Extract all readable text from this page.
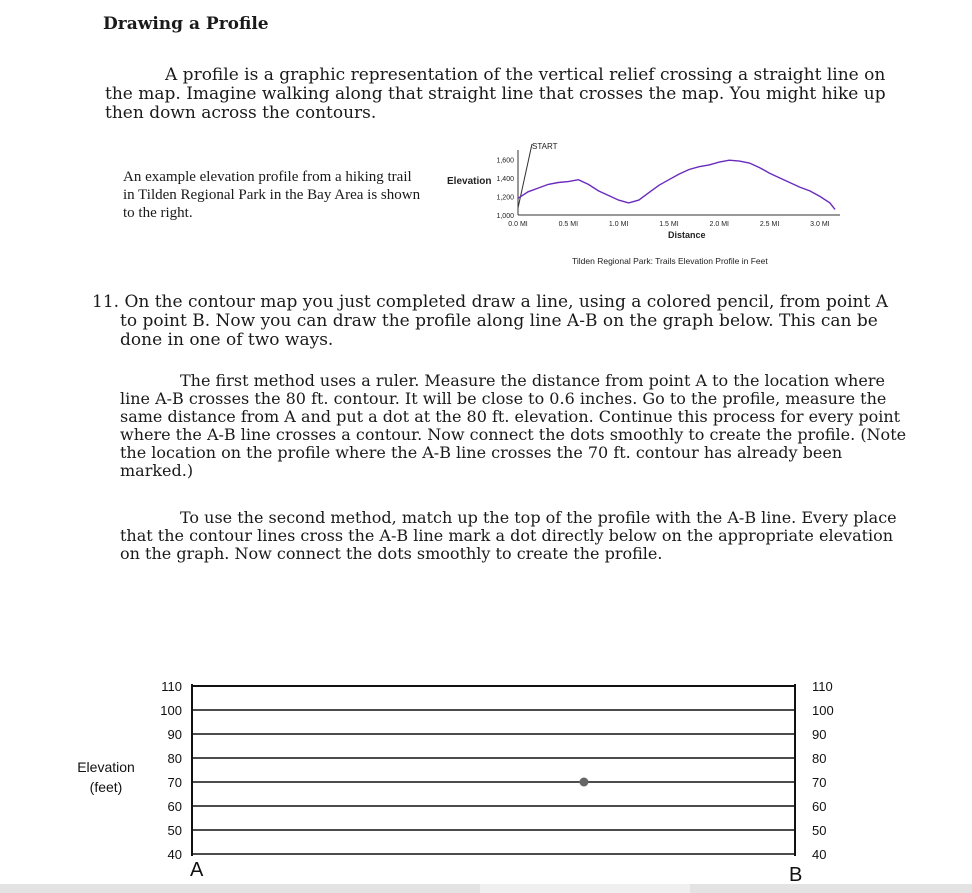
Drawing a Profile
A profile is a graphic representation of the vertical relief crossing a straight line on the map. Imagine walking along that straight line that crosses the map. You might hike up then down across the contours.
An example elevation profile from a hiking trail in Tilden Regional Park in the Bay Area is shown to the right.
Elevation
1,600
1,400
1,200
1,000
0.0 MI	0.5 MI	1.0 MI	1.5 MI	2.0 MI	2.5 MI	3.0 MI
START
Distance
Tilden Regional Park: Trails Elevation Profile in Feet
11. On the contour map you just completed draw a line, using a colored pencil, from point A to point B. Now you can draw the profile along line A-B on the graph below. This can be done in one of two ways.
The first method uses a ruler. Measure the distance from point A to the location where line A-B crosses the 80 ft. contour. It will be close to 0.6 inches. Go to the profile, measure the same distance from A and put a dot at the 80 ft. elevation. Continue this process for every point where the A-B line crosses a contour. Now connect the dots smoothly to create the profile. (Note the location on the profile where the A-B line crosses the 70 ft. contour has already been marked.)
To use the second method, match up the top of the profile with the A-B line. Every place that the contour lines cross the A-B line mark a dot directly below on the appropriate elevation on the graph. Now connect the dots smoothly to create the profile.
Elevation
(feet)
110
100
90
80
70
60
50
40
110
100
90
80
70
60
50
40
A	B
